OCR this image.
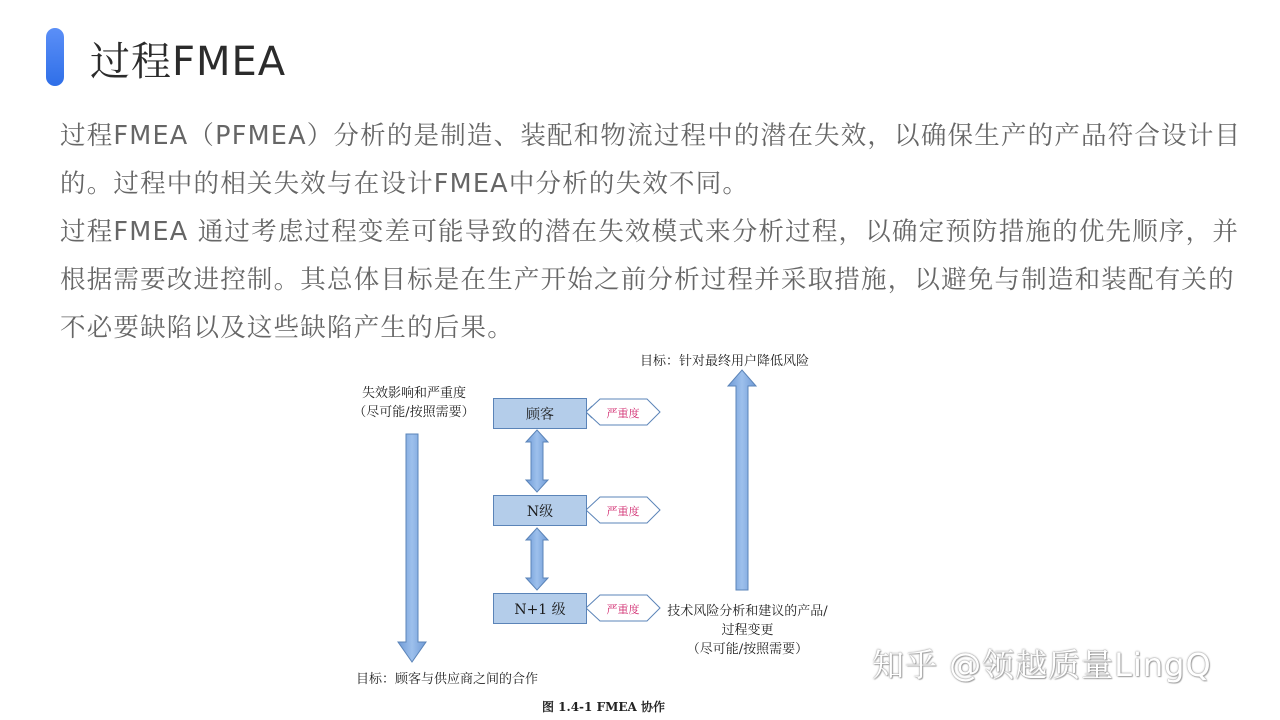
过程FMEA

过程FMEA（PFMEA）分析的是制造、装配和物流过程中的潜在失效，以确保生产的产品符合设计目的。过程中的相关失效与在设计FMEA中分析的失效不同。

过程FMEA 通过考虑过程变差可能导致的潜在失效模式来分析过程，以确定预防措施的优先顺序，并根据需要改进控制。其总体目标是在生产开始之前分析过程并采取措施，以避免与制造和装配有关的不必要缺陷以及这些缺陷产生的后果。

目标：针对最终用户降低风险
失效影响和严重度
（尽可能/按照需要）	顾客
N级
N+1 级
严重度
严重度
严重度	技术风险分析和建议的产品/
过程变更
（尽可能/按照需要）
目标：顾客与供应商之间的合作
图 1.4-1 FMEA 协作
知乎 @领越质量LingQ
